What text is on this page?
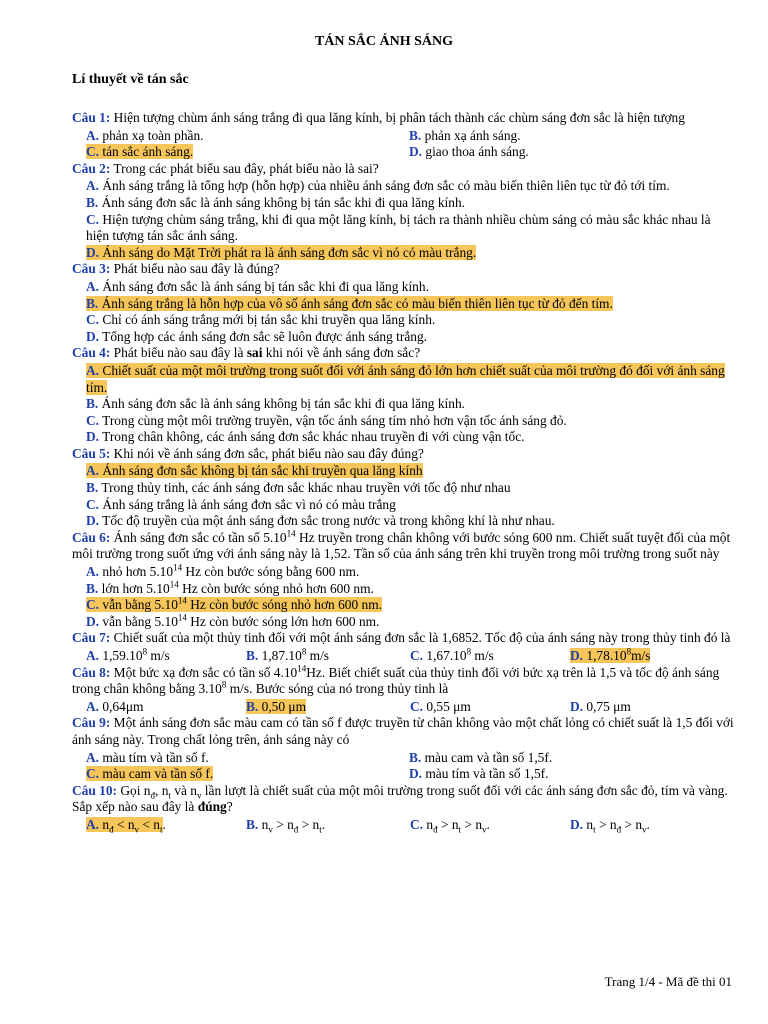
TÁN SẮC ÁNH SÁNG
Lí thuyết về tán sắc
Câu 1: Hiện tượng chùm ánh sáng trắng đi qua lăng kính, bị phân tách thành các chùm sáng đơn sắc là hiện tượng
A. phản xạ toàn phần.	B. phản xạ ánh sáng.
C. tán sắc ánh sáng.	D. giao thoa ánh sáng.
Câu 2: Trong các phát biểu sau đây, phát biểu nào là sai?
A. Ánh sáng trắng là tổng hợp (hỗn hợp) của nhiều ánh sáng đơn sắc có màu biến thiên liên tục từ đỏ tới tím.
B. Ánh sáng đơn sắc là ánh sáng không bị tán sắc khi đi qua lăng kính.
C. Hiện tượng chùm sáng trắng, khi đi qua một lăng kính, bị tách ra thành nhiều chùm sáng có màu sắc khác nhau là hiện tượng tán sắc ánh sáng.
D. Ánh sáng do Mặt Trời phát ra là ánh sáng đơn sắc vì nó có màu trắng.
Câu 3: Phát biểu nào sau đây là đúng?
A. Ánh sáng đơn sắc là ánh sáng bị tán sắc khi đi qua lăng kính.
B. Ánh sáng trắng là hỗn hợp của vô số ánh sáng đơn sắc có màu biến thiên liên tục từ đỏ đến tím.
C. Chỉ có ánh sáng trắng mới bị tán sắc khi truyền qua lăng kính.
D. Tổng hợp các ánh sáng đơn sắc sẽ luôn được ánh sáng trắng.
Câu 4: Phát biểu nào sau đây là sai khi nói về ánh sáng đơn sắc?
A. Chiết suất của một môi trường trong suốt đối với ánh sáng đỏ lớn hơn chiết suất của môi trường đó đối với ánh sáng tím.
B. Ánh sáng đơn sắc là ánh sáng không bị tán sắc khi đi qua lăng kính.
C. Trong cùng một môi trường truyền, vận tốc ánh sáng tím nhỏ hơn vận tốc ánh sáng đỏ.
D. Trong chân không, các ánh sáng đơn sắc khác nhau truyền đi với cùng vận tốc.
Câu 5: Khi nói về ánh sáng đơn sắc, phát biểu nào sau đây đúng?
A. Ánh sáng đơn sắc không bị tán sắc khi truyền qua lăng kính
B. Trong thủy tinh, các ánh sáng đơn sắc khác nhau truyền với tốc độ như nhau
C. Ánh sáng trắng là ánh sáng đơn sắc vì nó có màu trắng
D. Tốc độ truyền của một ánh sáng đơn sắc trong nước và trong không khí là như nhau.
Câu 6: Ánh sáng đơn sắc có tần số 5.10$^{14}$ Hz truyền trong chân không với bước sóng 600 nm. Chiết suất tuyệt đối của một môi trường trong suốt ứng với ánh sáng này là 1,52. Tần số của ánh sáng trên khi truyền trong môi trường trong suốt này
A. nhỏ hơn 5.10$^{14}$ Hz còn bước sóng bằng 600 nm.
B. lớn hơn 5.10$^{14}$ Hz còn bước sóng nhỏ hơn 600 nm.
C. vẫn bằng 5.10$^{14}$ Hz còn bước sóng nhỏ hơn 600 nm.
D. vẫn bằng 5.10$^{14}$ Hz còn bước sóng lớn hơn 600 nm.
Câu 7: Chiết suất của một thủy tinh đối với một ánh sáng đơn sắc là 1,6852. Tốc độ của ánh sáng này trong thủy tinh đó là
A. 1,59.10$^8$ m/s	B. 1,87.10$^8$ m/s	C. 1,67.10$^8$ m/s	D. 1,78.10$^8$m/s
Câu 8: Một bức xạ đơn sắc có tần số 4.10$^{14}$Hz. Biết chiết suất của thủy tinh đối với bức xạ trên là 1,5 và tốc độ ánh sáng trong chân không bằng 3.10$^8$ m/s. Bước sóng của nó trong thủy tinh là
A. 0,64μm	B. 0,50 μm	C. 0,55 μm	D. 0,75 μm
Câu 9: Một ánh sáng đơn sắc màu cam có tần số f được truyền từ chân không vào một chất lỏng có chiết suất là 1,5 đối với ánh sáng này. Trong chất lỏng trên, ánh sáng này có
A. màu tím và tần số f.	B. màu cam và tần số 1,5f.
C. màu cam và tần số f.	D. màu tím và tần số 1,5f.
Câu 10: Gọi $n_đ$, $n_t$ và $n_v$ lần lượt là chiết suất của một môi trường trong suốt đối với các ánh sáng đơn sắc đỏ, tím và vàng. Sắp xếp nào sau đây là đúng?
A. $n_đ < n_v < n_t$.	B. $n_v > n_đ > n_t$.	C. $n_đ > n_t > n_v$.	D. $n_t > n_đ > n_v$.
Trang 1/4 - Mã đề thi 01
